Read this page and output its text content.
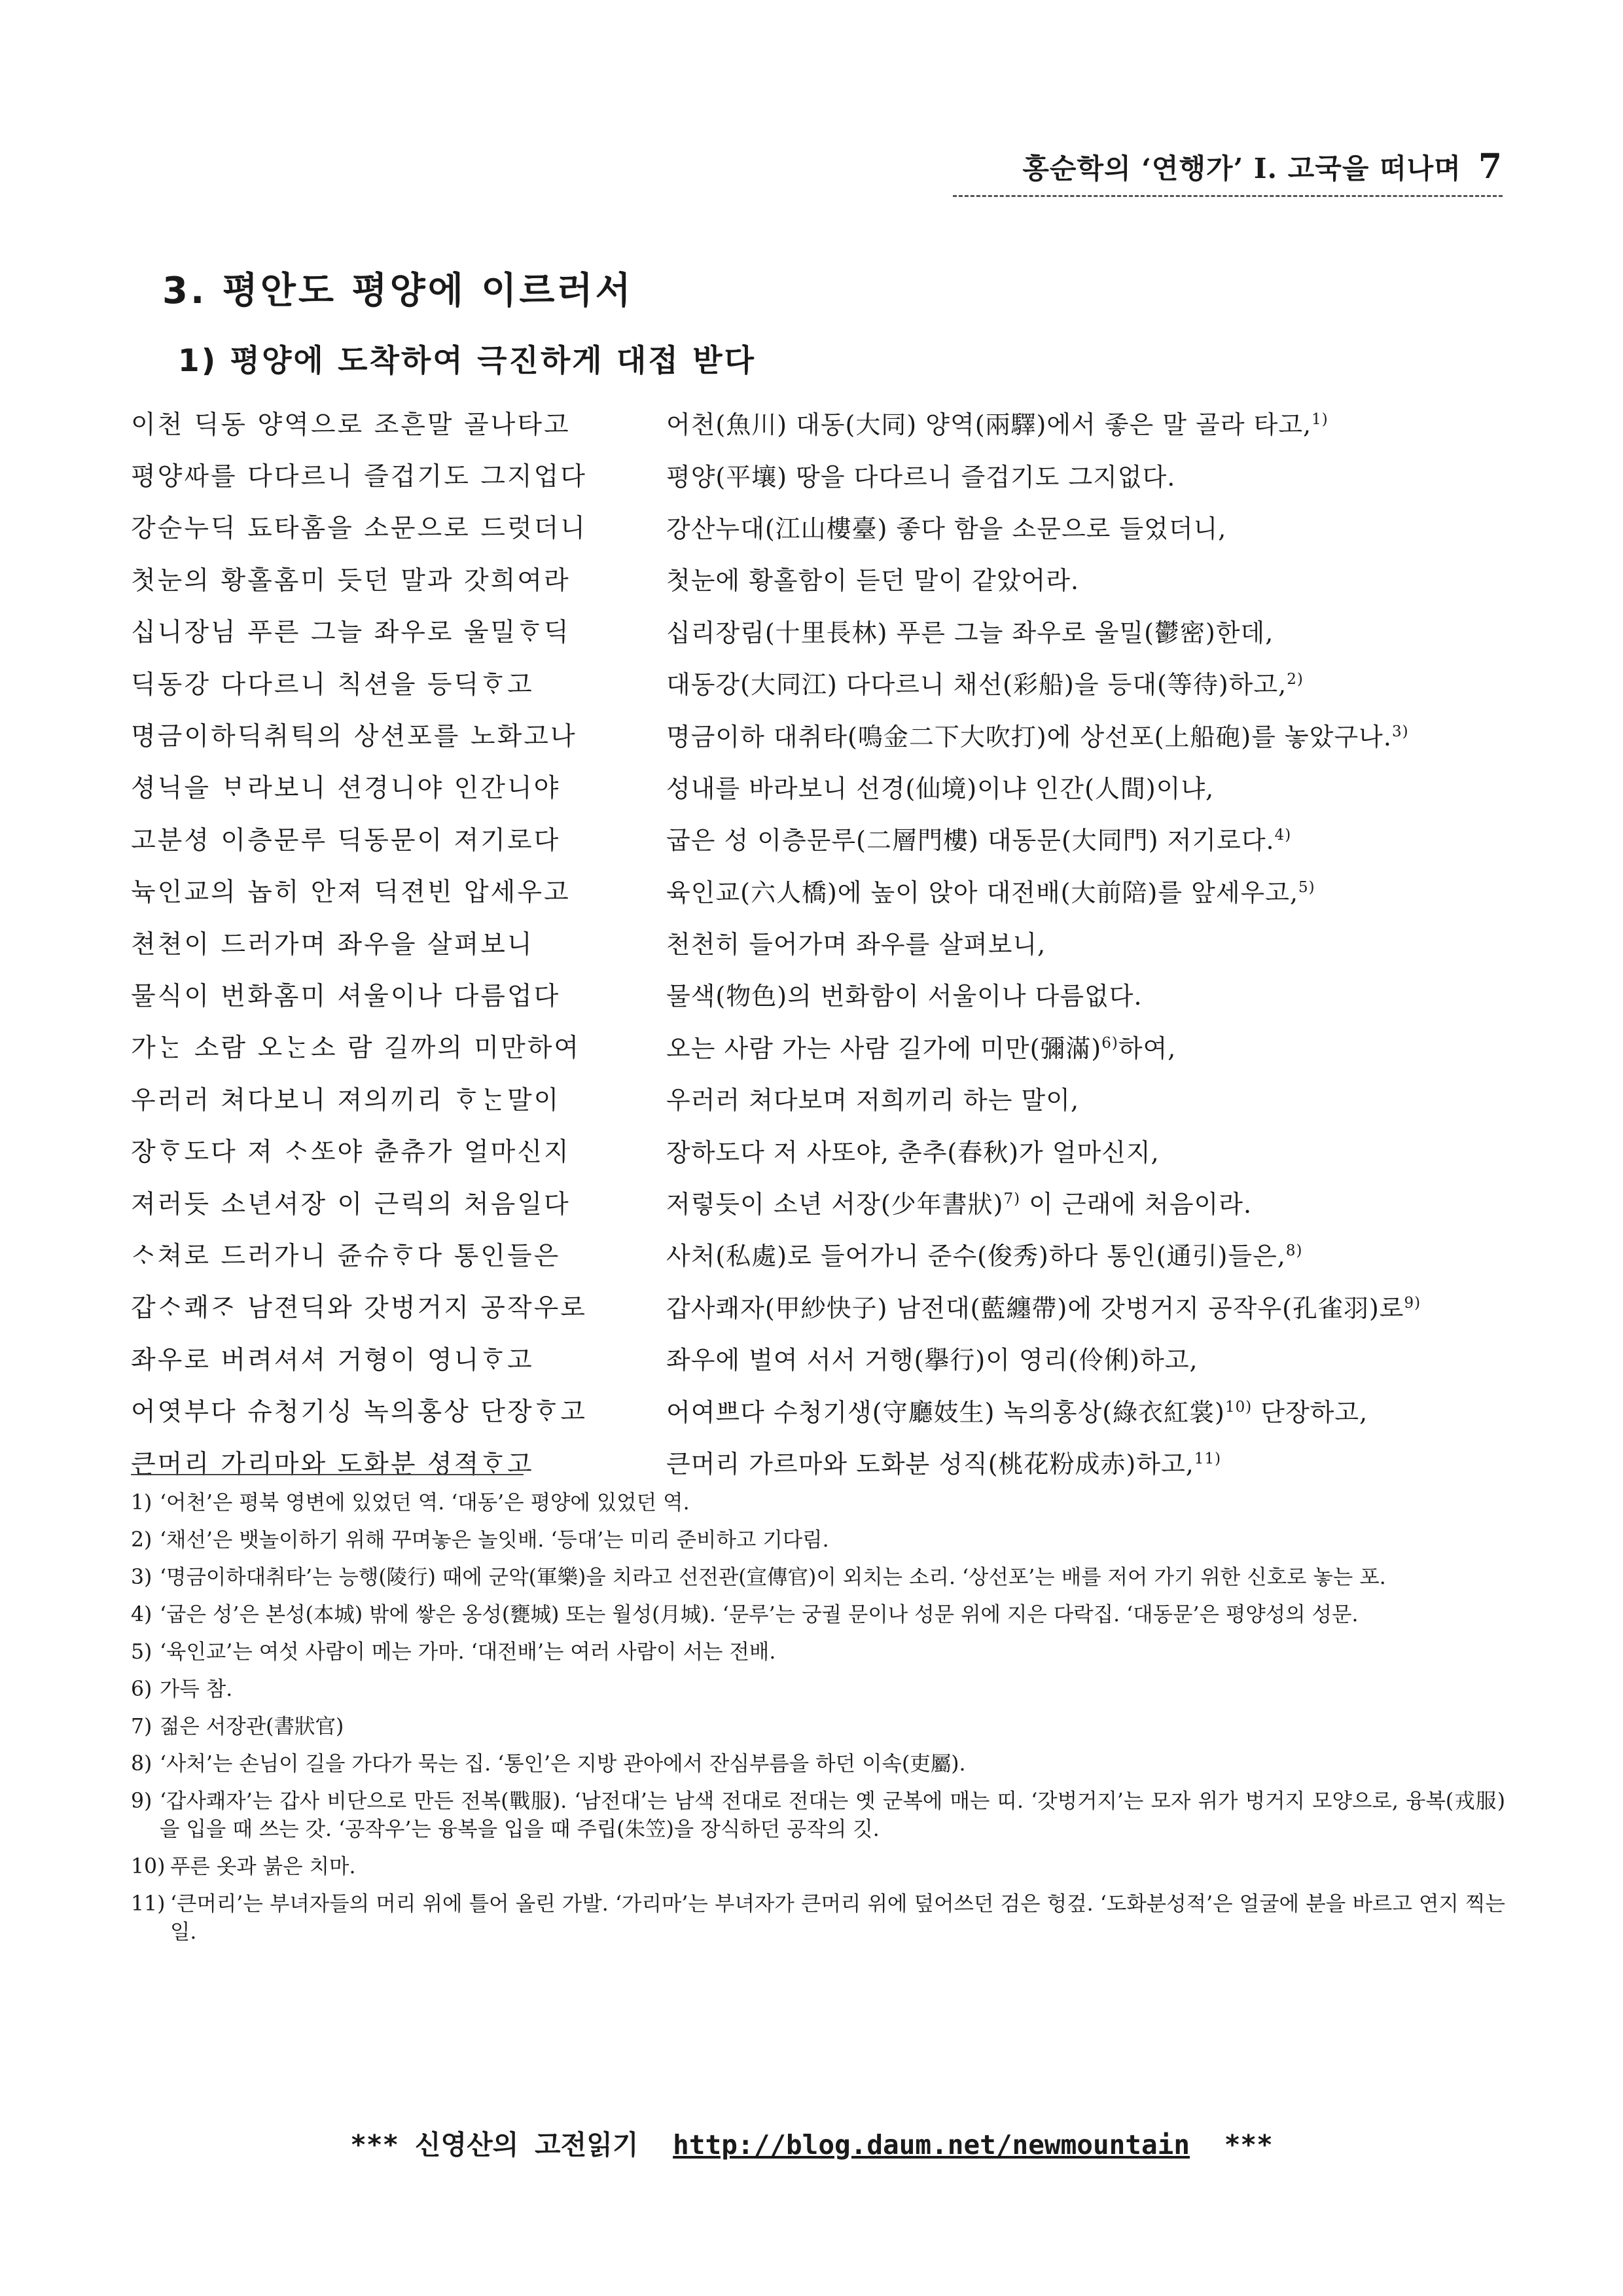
홍순학의 ‘연행가’ I. 고국을 떠나며 7
3. 평안도 평양에 이르러서
1) 평양에 도착하여 극진하게 대접 받다
이천 딕동 양역으로 조흔말 골나타고	어천(魚川) 대동(大同) 양역(兩驛)에서 좋은 말 골라 타고,$^{1)}$
평양ᄯᅡ를 다다르니 즐겁기도 그지업다	평양(平壤) 땅을 다다르니 즐겁기도 그지없다.
강순누딕 됴타홈을 소문으로 드럿더니	강산누대(江山樓臺) 좋다 함을 소문으로 들었더니,
첫눈의 황홀홈미 듯던 말과 갓희여라	첫눈에 황홀함이 듣던 말이 같았어라.
십니장님 푸른 그늘 좌우로 울밀ᄒᆞ딕	십리장림(十里長林) 푸른 그늘 좌우로 울밀(鬱密)한데,
딕동강 다다르니 칙션을 등딕ᄒᆞ고	대동강(大同江) 다다르니 채선(彩船)을 등대(等待)하고,$^{2)}$
명금이하딕취틱의 상션포를 노화고나	명금이하 대취타(鳴金二下大吹打)에 상선포(上船砲)를 놓았구나.$^{3)}$
셩닉을 ᄇᆞ라보니 션경니야 인간니야	성내를 바라보니 선경(仙境)이냐 인간(人間)이냐,
고분셩 이층문루 딕동문이 져기로다	굽은 성 이층문루(二層門樓) 대동문(大同門) 저기로다.$^{4)}$
뉵인교의 놉히 안져 딕젼빈 압세우고	육인교(六人橋)에 높이 앉아 대전배(大前陪)를 앞세우고,$^{5)}$
쳔쳔이 드러가며 좌우을 살펴보니	천천히 들어가며 좌우를 살펴보니,
물식이 번화홈미 셔울이나 다름업다	물색(物色)의 번화함이 서울이나 다름없다.
가ᄂᆞᆫ 소람 오ᄂᆞᆫ소 람 길까의 미만하여	오는 사람 가는 사람 길가에 미만(彌滿)$^{6)}$하여,
우러러 쳐다보니 져의끼리 ᄒᆞᄂᆞᆫ말이	우러러 쳐다보며 저희끼리 하는 말이,
장ᄒᆞ도다 져 ᄉᆞᄯᅩ야 츈츄가 얼마신지	장하도다 저 사또야, 춘추(春秋)가 얼마신지,
져러듯 소년셔장 이 근릭의 처음일다	저렇듯이 소년 서장(少年書狀)$^{7)}$ 이 근래에 처음이라.
ᄉᆞ쳐로 드러가니 쥰슈ᄒᆞ다 통인들은	사처(私處)로 들어가니 준수(俊秀)하다 통인(通引)들은,$^{8)}$
갑ᄉᆞ쾌ᄌᆞ 남젼딕와 갓벙거지 공작우로	갑사쾌자(甲紗快子) 남전대(藍纏帶)에 갓벙거지 공작우(孔雀羽)로$^{9)}$
좌우로 버려셔셔 거형이 영니ᄒᆞ고	좌우에 벌여 서서 거행(擧行)이 영리(伶俐)하고,
어엿부다 슈청기싱 녹의홍상 단장ᄒᆞ고	어여쁘다 수청기생(守廳妓生) 녹의홍상(綠衣紅裳)$^{10)}$ 단장하고,
큰머리 가리마와 도화분 셩젹ᄒᆞ고	큰머리 가르마와 도화분 성직(桃花粉成赤)하고,$^{11)}$
1) ‘어천’은 평북 영변에 있었던 역. ‘대동’은 평양에 있었던 역.
2) ‘채선’은 뱃놀이하기 위해 꾸며놓은 놀잇배. ‘등대’는 미리 준비하고 기다림.
3) ‘명금이하대취타’는 능행(陵行) 때에 군악(軍樂)을 치라고 선전관(宣傳官)이 외치는 소리. ‘상선포’는 배를 저어 가기 위한 신호로 놓는 포.
4) ‘굽은 성’은 본성(本城) 밖에 쌓은 옹성(甕城) 또는 월성(月城). ‘문루’는 궁궐 문이나 성문 위에 지은 다락집. ‘대동문’은 평양성의 성문.
5) ‘육인교’는 여섯 사람이 메는 가마. ‘대전배’는 여러 사람이 서는 전배.
6) 가득 참.
7) 젊은 서장관(書狀官)
8) ‘사처’는 손님이 길을 가다가 묵는 집. ‘통인’은 지방 관아에서 잔심부름을 하던 이속(吏屬).
9) ‘갑사쾌자’는 갑사 비단으로 만든 전복(戰服). ‘남전대’는 남색 전대로 전대는 옛 군복에 매는 띠. ‘갓벙거지’는 모자 위가 벙거지 모양으로, 융복(戎服)을 입을 때 쓰는 갓. ‘공작우’는 융복을 입을 때 주립(朱笠)을 장식하던 공작의 깃.
10) 푸른 옷과 붉은 치마.
11) ‘큰머리’는 부녀자들의 머리 위에 틀어 올린 가발. ‘가리마’는 부녀자가 큰머리 위에 덮어쓰던 검은 헝겊. ‘도화분성적’은 얼굴에 분을 바르고 연지 찍는 일.
*** 신영산의 고전읽기 http://blog.daum.net/newmountain ***
